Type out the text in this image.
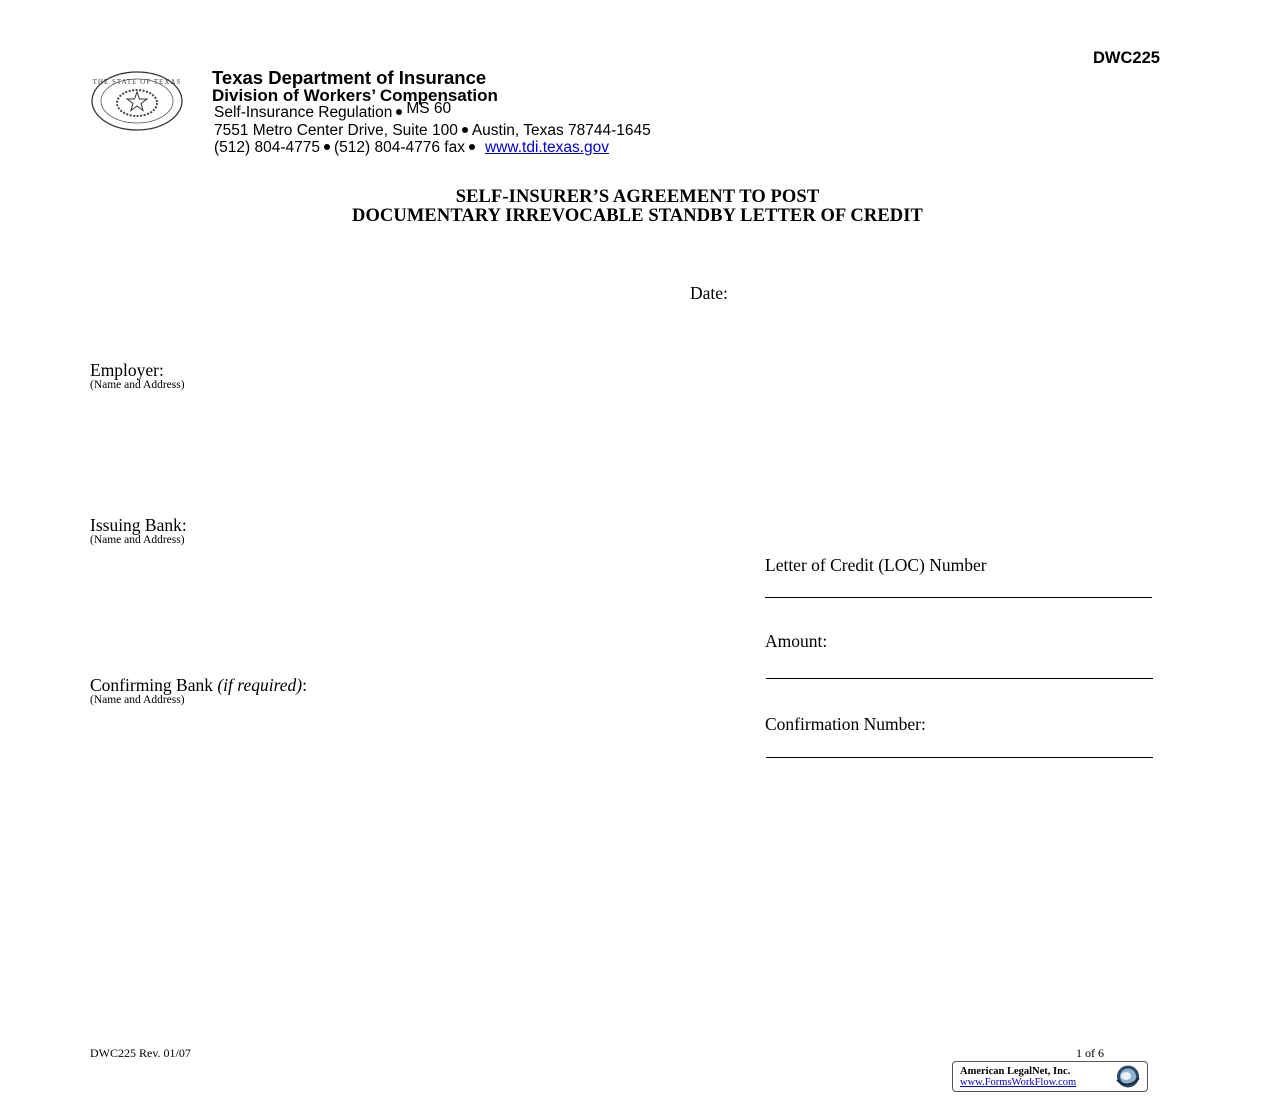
THE STATE OF TEXAS Texas Department of Insurance
Division of Workers’ Compensation
Self-Insurance Regulation MS 60
7551 Metro Center Drive, Suite 100 Austin, Texas 78744-1645
(512) 804-4775 (512) 804-4776 fax www.tdi.texas.gov
DWC225
SELF-INSURER’S AGREEMENT TO POST
DOCUMENTARY IRREVOCABLE STANDBY LETTER OF CREDIT
Date:
Employer:
(Name and Address)
Issuing Bank:
(Name and Address)
Confirming Bank (if required):
(Name and Address)
Letter of Credit (LOC) Number
Amount:
Confirmation Number:
DWC225 Rev. 01/07	1 of 6
American LegalNet, Inc.
www.FormsWorkFlow.com
